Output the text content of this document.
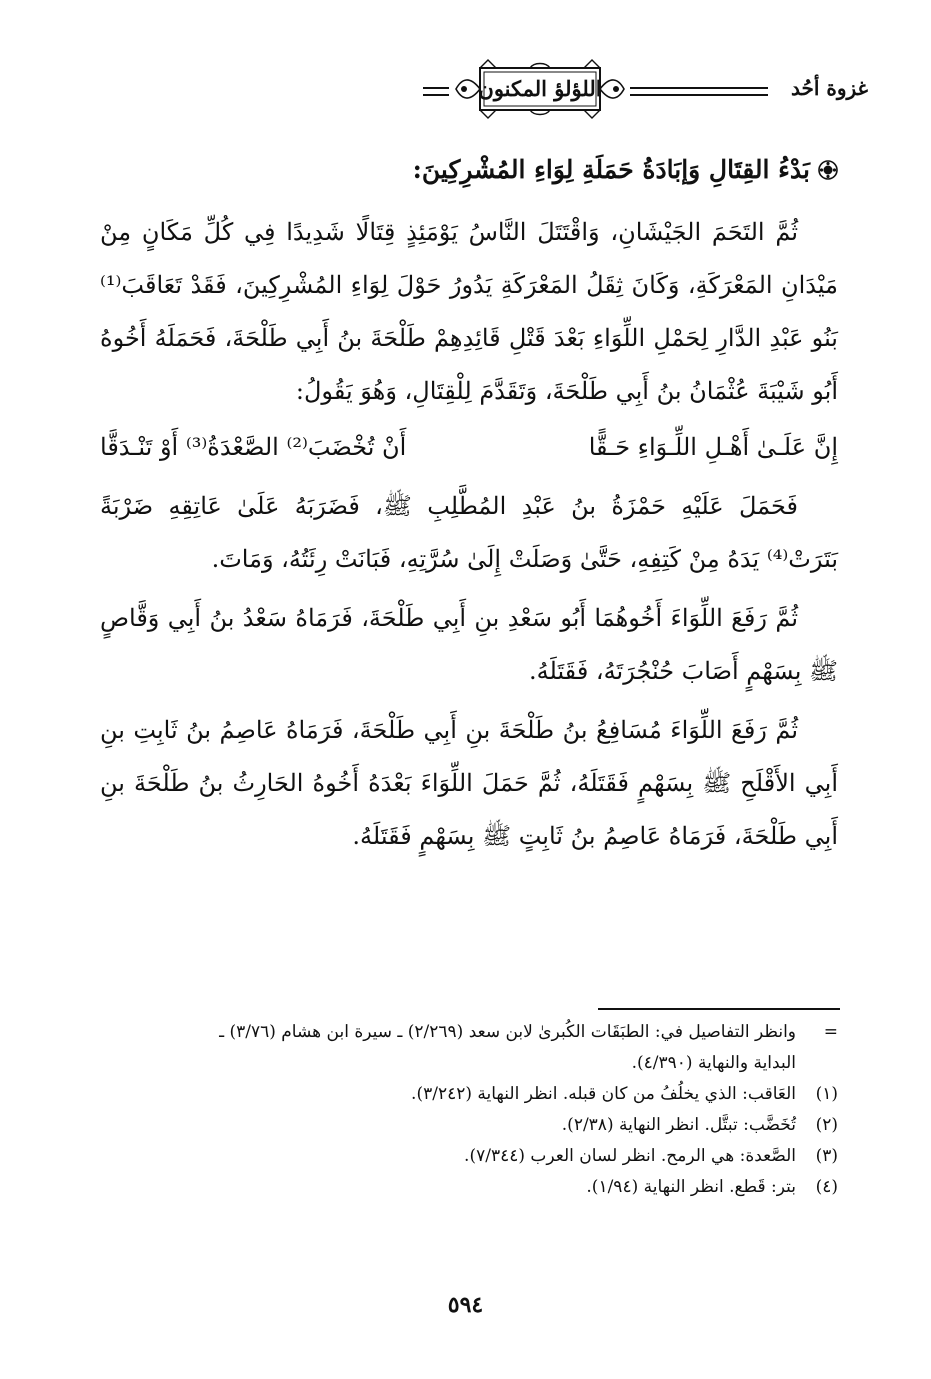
غزوة أحُد
اللؤلؤ المكنون

بَدْءُ القِتَالِ وَإبَادَةُ حَمَلَةِ لِوَاءِ المُشْرِكِينَ:

ثُمَّ التَحَمَ الجَيْشَانِ، وَاقْتَتَلَ النَّاسُ يَوْمَئِذٍ قِتَالًا شَدِيدًا فِي كُلِّ مَكَانٍ مِنْ مَيْدَانِ المَعْرَكَةِ، وَكَانَ ثِقَلُ المَعْرَكَةِ يَدُورُ حَوْلَ لِوَاءِ المُشْرِكِينَ، فَقَدْ تَعَاقَبَ⁽¹⁾ بَنُو عَبْدِ الدَّارِ لِحَمْلِ اللِّوَاءِ بَعْدَ قَتْلِ قَائِدِهِمْ طَلْحَةَ بنُ أَبِي طَلْحَةَ، فَحَمَلَهُ أَخُوهُ أَبُو شَيْبَةَ عُثْمَانُ بنُ أَبِي طَلْحَةَ، وَتَقَدَّمَ لِلْقِتَالِ، وَهُوَ يَقُولُ:

إِنَّ عَلَـىٰ أَهْـلِ اللِّـوَاءِ حَـقًّا
أَنْ تُخْضَبَ⁽²⁾ الصَّعْدَةُ⁽³⁾ أَوْ تَنْـدَقَّا

فَحَمَلَ عَلَيْهِ حَمْزَةُ بنُ عَبْدِ المُطَّلِبِ ﷺ، فَضَرَبَهُ عَلَىٰ عَاتِقِهِ ضَرْبَةً بَتَرَتْ⁽⁴⁾ يَدَهُ مِنْ كَتِفِهِ، حَتَّىٰ وَصَلَتْ إِلَىٰ سُرَّتِهِ، فَبَانَتْ رِئَتُهُ، وَمَاتَ.

ثُمَّ رَفَعَ اللِّوَاءَ أَخُوهُمَا أَبُو سَعْدِ بنِ أَبِي طَلْحَةَ، فَرَمَاهُ سَعْدُ بنُ أَبِي وَقَّاصٍ ﷺ بِسَهْمٍ أَصَابَ حُنْجُرَتَهُ، فَقَتَلَهُ.

ثُمَّ رَفَعَ اللِّوَاءَ مُسَافِعُ بنُ طَلْحَةَ بنِ أَبِي طَلْحَةَ، فَرَمَاهُ عَاصِمُ بنُ ثَابِتِ بنِ أَبِي الأَقْلَحِ ﷺ بِسَهْمٍ فَقَتَلَهُ، ثُمَّ حَمَلَ اللِّوَاءَ بَعْدَهُ أَخُوهُ الحَارِثُ بنُ طَلْحَةَ بنِ أَبِي طَلْحَةَ، فَرَمَاهُ عَاصِمُ بنُ ثَابِتٍ ﷺ بِسَهْمٍ فَقَتَلَهُ.

=وانظر التفاصيل في: الطبَقَات الكُبرىٰ لابن سعد (٢/٢٦٩) ـ سيرة ابن هشام (٣/٧٦) ـ

البداية والنهاية (٤/٣٩٠).

(١)العَاقب: الذي يخلُفُ من كان قبله. انظر النهاية (٣/٢٤٢).

(٢)تُخَضَّب: تبتَّل. انظر النهاية (٢/٣٨).

(٣)الصَّعدة: هي الرمح. انظر لسان العرب (٧/٣٤٤).

(٤)بتر: قَطع. انظر النهاية (١/٩٤).

٥٩٤
